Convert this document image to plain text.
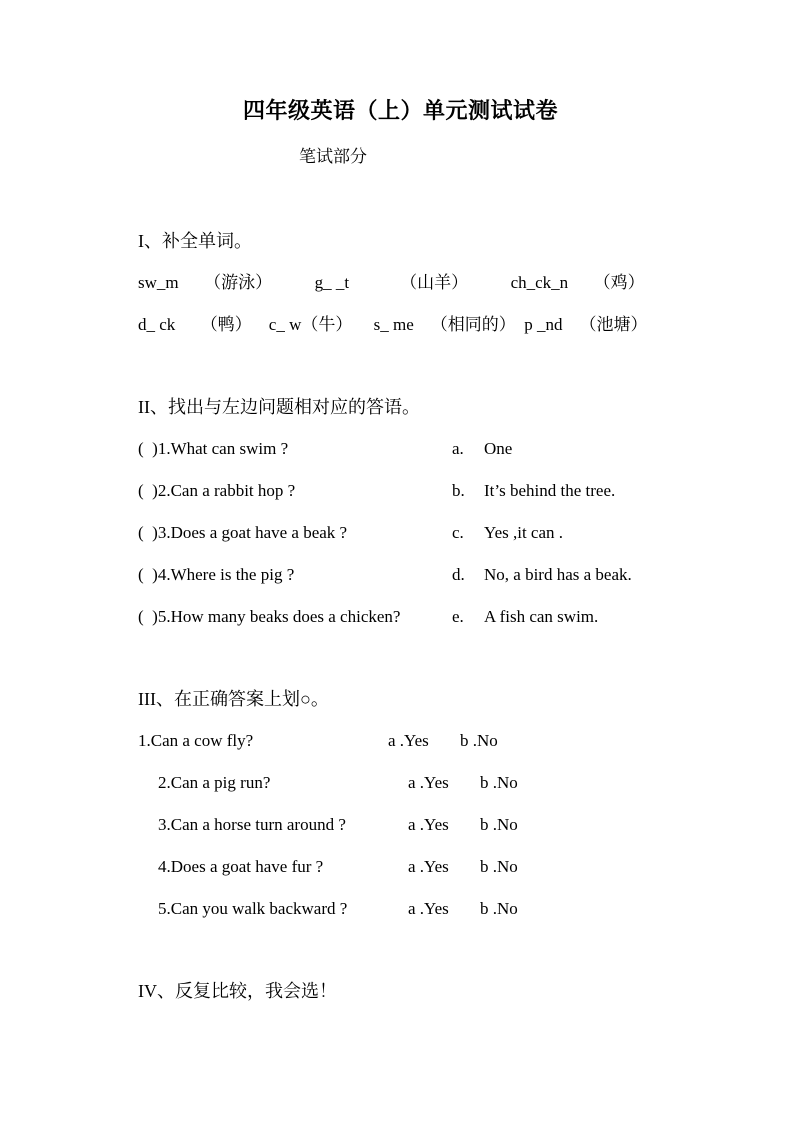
四年级英语（上）单元测试试卷
笔试部分
I、补全单词。
sw_m      （游泳）          g_ _t            （山羊）          ch_ck_n      （鸡）
d_ ck      （鸭）    c_ w（牛）     s_ me    （相同的）  p _nd    （池塘）
II、找出与左边问题相对应的答语。
(  )1.What can swim ?	a.	One
(  )2.Can a rabbit hop ?	b.	It’s behind the tree.
(  )3.Does a goat have a beak ?	c.	Yes ,it can .
(  )4.Where is the pig ?	d.	No, a bird has a beak.
(  )5.How many beaks does a chicken?	e.	A fish can swim.
III、在正确答案上划○。
1.Can a cow fly?	a .Yes	b .No
2.Can a pig run?	a .Yes	b .No
3.Can a horse turn around ?	a .Yes	b .No
4.Does a goat have fur ?	a .Yes	b .No
5.Can you walk backward ?	a .Yes	b .No
IV、反复比较，我会选！
